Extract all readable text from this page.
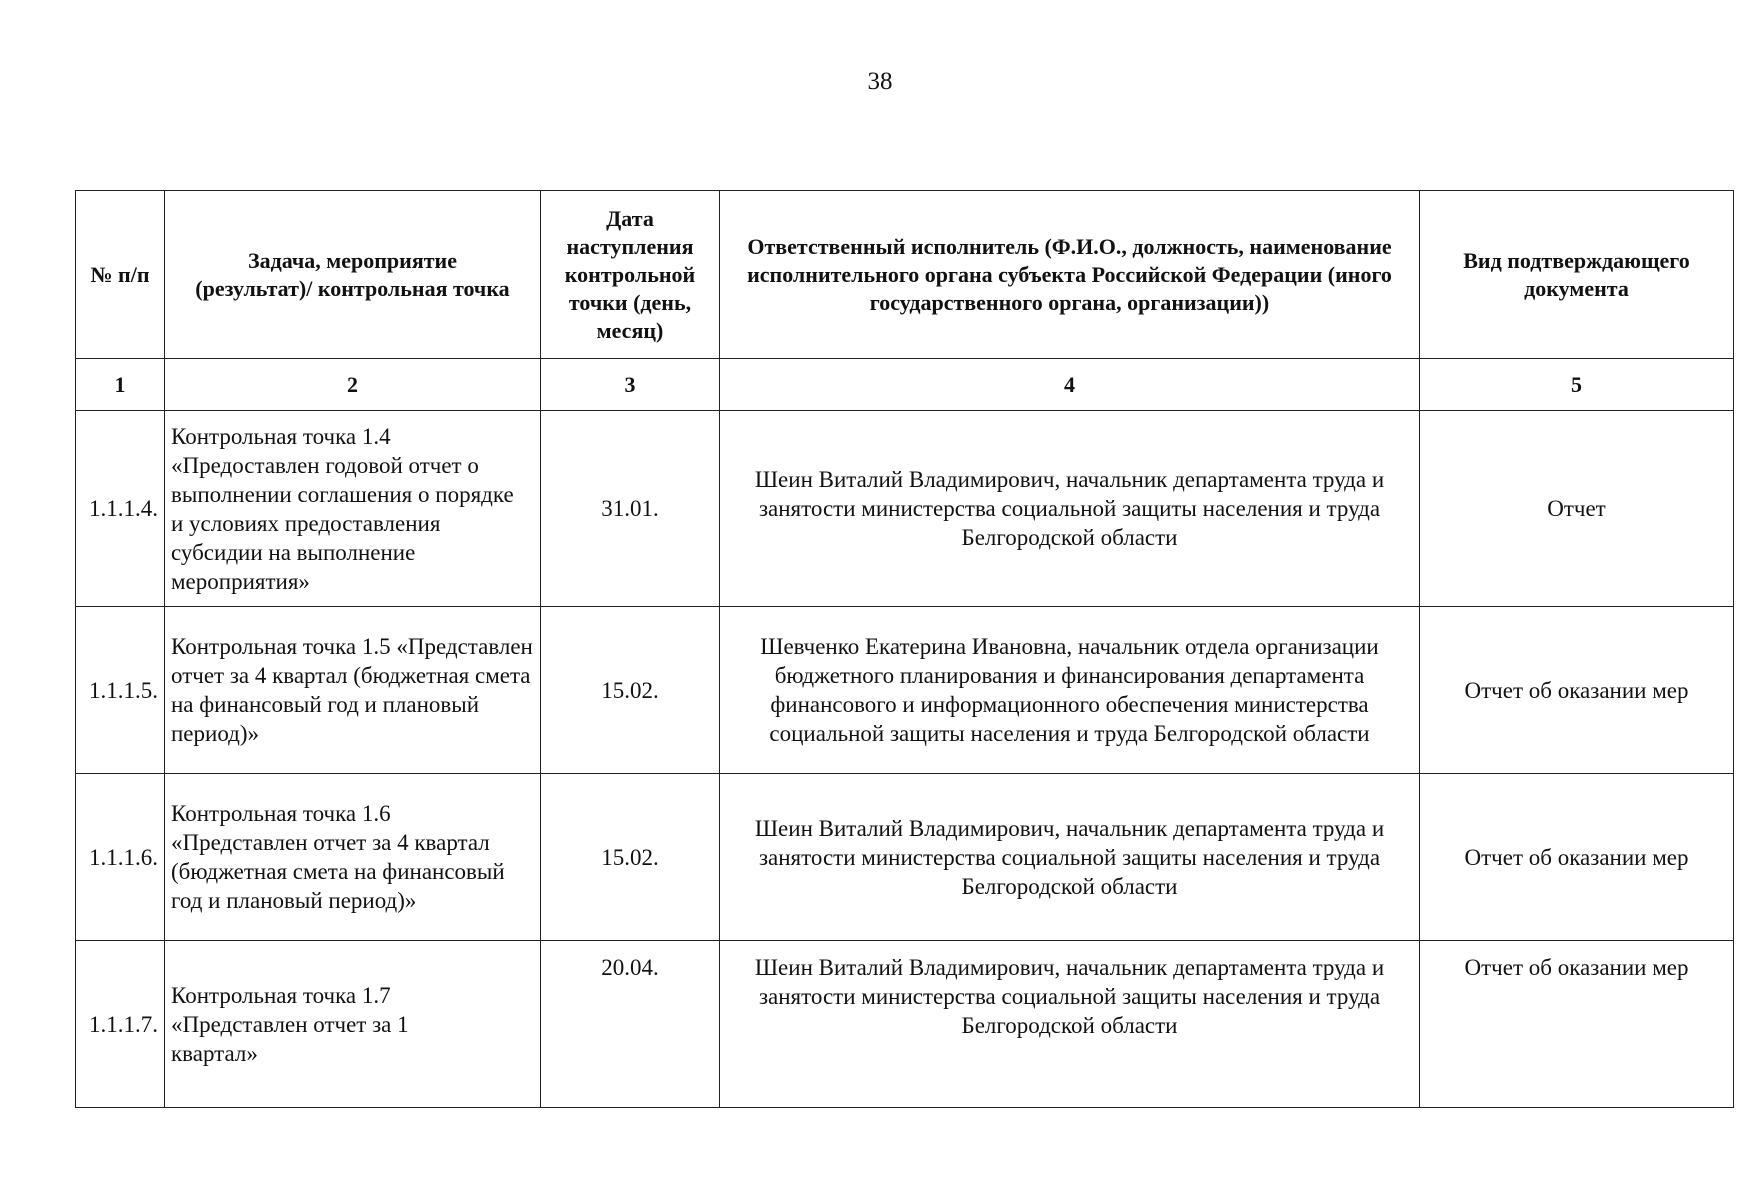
38
№ п/п	Задача, мероприятие (результат)/ контрольная точка	Дата наступления контрольной точки (день, месяц)	Ответственный исполнитель (Ф.И.О., должность, наименование исполнительного органа субъекта Российской Федерации (иного государственного органа, организации))	Вид подтверждающего документа
1	2	3	4	5
1.1.1.4.	Контрольная точка 1.4 «Предоставлен годовой отчет о выполнении соглашения о порядке и условиях предоставления субсидии на выполнение мероприятия»	31.01.	Шеин Виталий Владимирович, начальник департамента труда и занятости министерства социальной защиты населения и труда Белгородской области	Отчет
1.1.1.5.	Контрольная точка 1.5 «Представлен отчет за 4 квартал (бюджетная смета на финансовый год и плановый период)»	15.02.	Шевченко Екатерина Ивановна, начальник отдела организации бюджетного планирования и финансирования департамента финансового и информационного обеспечения министерства социальной защиты населения и труда Белгородской области	Отчет об оказании мер
1.1.1.6.	Контрольная точка 1.6 «Представлен отчет за 4 квартал (бюджетная смета на финансовый год и плановый период)»	15.02.	Шеин Виталий Владимирович, начальник департамента труда и занятости министерства социальной защиты населения и труда Белгородской области	Отчет об оказании мер
1.1.1.7.	Контрольная точка 1.7 «Представлен отчет за 1 квартал»	20.04.	Шеин Виталий Владимирович, начальник департамента труда и занятости министерства социальной защиты населения и труда Белгородской области	Отчет об оказании мер
